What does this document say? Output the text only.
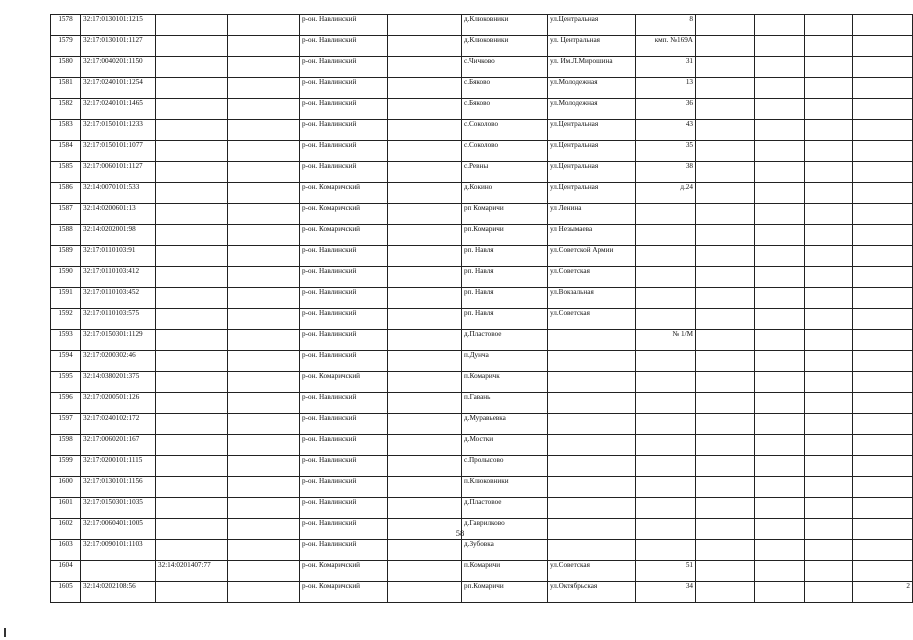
1578	32:17:0130101:1215			р-он. Навлинский		д.Клюковники	ул.Центральная	8				
1579	32:17:0130101:1127			р-он. Навлинский		д.Клюковники	ул. Центральная	кмп. №169А				
1580	32:17:0040201:1150			р-он. Навлинский		с.Чичково	ул. Им.Л.Мирошина	31				
1581	32:17:0240101:1254			р-он. Навлинский		с.Бяково	ул.Молодежная	13				
1582	32:17:0240101:1465			р-он. Навлинский		с.Бяково	ул.Молодежная	36				
1583	32:17:0150101:1233			р-он. Навлинский		с.Соколово	ул.Центральная	43				
1584	32:17:0150101:1077			р-он. Навлинский		с.Соколово	ул.Центральная	35				
1585	32:17:0060101:1127			р-он. Навлинский		с.Ревны	ул.Центральная	38				
1586	32:14:0070101:533			р-он. Комаричский		д.Кокино	ул.Центральная	д.24				
1587	32:14:0200601:13			р-он. Комаричский		рп Комаричи	ул Ленина					
1588	32:14:0202001:98			р-он. Комаричский		рп.Комаричи	ул Незымаева					
1589	32:17:0110103:91			р-он. Навлинский		рп. Навля	ул.Советской Армии					
1590	32:17:0110103:412			р-он. Навлинский		рп. Навля	ул.Советская					
1591	32:17:0110103:452			р-он. Навлинский		рп. Навля	ул.Вокзальная					
1592	32:17:0110103:575			р-он. Навлинский		рп. Навля	ул.Советская					
1593	32:17:0150301:1129			р-он. Навлинский		д.Пластовое		№ 1/М				
1594	32:17:0200302:46			р-он. Навлинский		п.Дунча						
1595	32:14:0380201:375			р-он. Комаричский		п.Комаричк						
1596	32:17:0200501:126			р-он. Навлинский		п.Гавань						
1597	32:17:0240102:172			р-он. Навлинский		д.Муравьевка						
1598	32:17:0060201:167			р-он. Навлинский		д.Мостки						
1599	32:17:0200101:1115			р-он. Навлинский		с.Пролысово						
1600	32:17:0130101:1156			р-он. Навлинский		п.Клюковники						
1601	32:17:0150301:1035			р-он. Навлинский		д.Пластовое						
1602	32:17:0060401:1005			р-он. Навлинский		д.Гаврилково						
1603	32:17:0090101:1103			р-он. Навлинский		д.Зубовка						
1604		32:14:0201407:77		р-он. Комаричский		п.Комаричи	ул.Советская	51				
1605	32:14:0202108:56			р-он. Комаричский		рп.Комаричи	ул.Октябрьская	34				2
58
